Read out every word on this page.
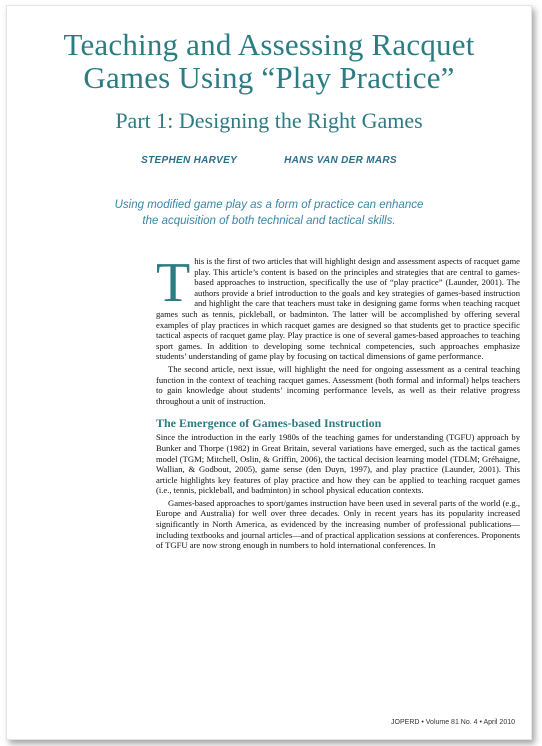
Teaching and Assessing Racquet
Games Using “Play Practice”
Part 1: Designing the Right Games
STEPHEN HARVEY	HANS VAN DER MARS
Using modified game play as a form of practice can enhance
the acquisition of both technical and tactical skills.

This is the first of two articles that will highlight design and assessment aspects of racquet game play. This article’s content is based on the principles and strategies that are central to games-based approaches to instruction, specifically the use of “play practice” (Launder, 2001). The authors provide a brief introduction to the goals and key strategies of games-based instruction and highlight the care that teachers must take in designing game forms when teaching racquet games such as tennis, pickleball, or badminton. The latter will be accomplished by offering several examples of play practices in which racquet games are designed so that students get to practice specific tactical aspects of racquet game play. Play practice is one of several games-based approaches to teaching sport games. In addition to developing some technical competencies, such approaches emphasize students’ understanding of game play by focusing on tactical dimensions of game performance.

The second article, next issue, will highlight the need for ongoing assessment as a central teaching function in the context of teaching racquet games. Assessment (both formal and informal) helps teachers to gain knowledge about students’ incoming performance levels, as well as their relative progress throughout a unit of instruction.

The Emergence of Games-based Instruction

Since the introduction in the early 1980s of the teaching games for understanding (TGFU) approach by Bunker and Thorpe (1982) in Great Britain, several variations have emerged, such as the tactical games model (TGM; Mitchell, Oslin, & Griffin, 2006), the tactical decision learning model (TDLM; Gréhaigne, Wallian, & Godbout, 2005), game sense (den Duyn, 1997), and play practice (Launder, 2001). This article highlights key features of play practice and how they can be applied to teaching racquet games (i.e., tennis, pickleball, and badminton) in school physical education contexts.

Games-based approaches to sport/games instruction have been used in several parts of the world (e.g., Europe and Australia) for well over three decades. Only in recent years has its popularity increased significantly in North America, as evidenced by the increasing number of professional publications—including textbooks and journal articles—and of practical application sessions at conferences. Proponents of TGFU are now strong enough in numbers to hold international conferences. In

JOPERD • Volume 81 No. 4 • April 2010
